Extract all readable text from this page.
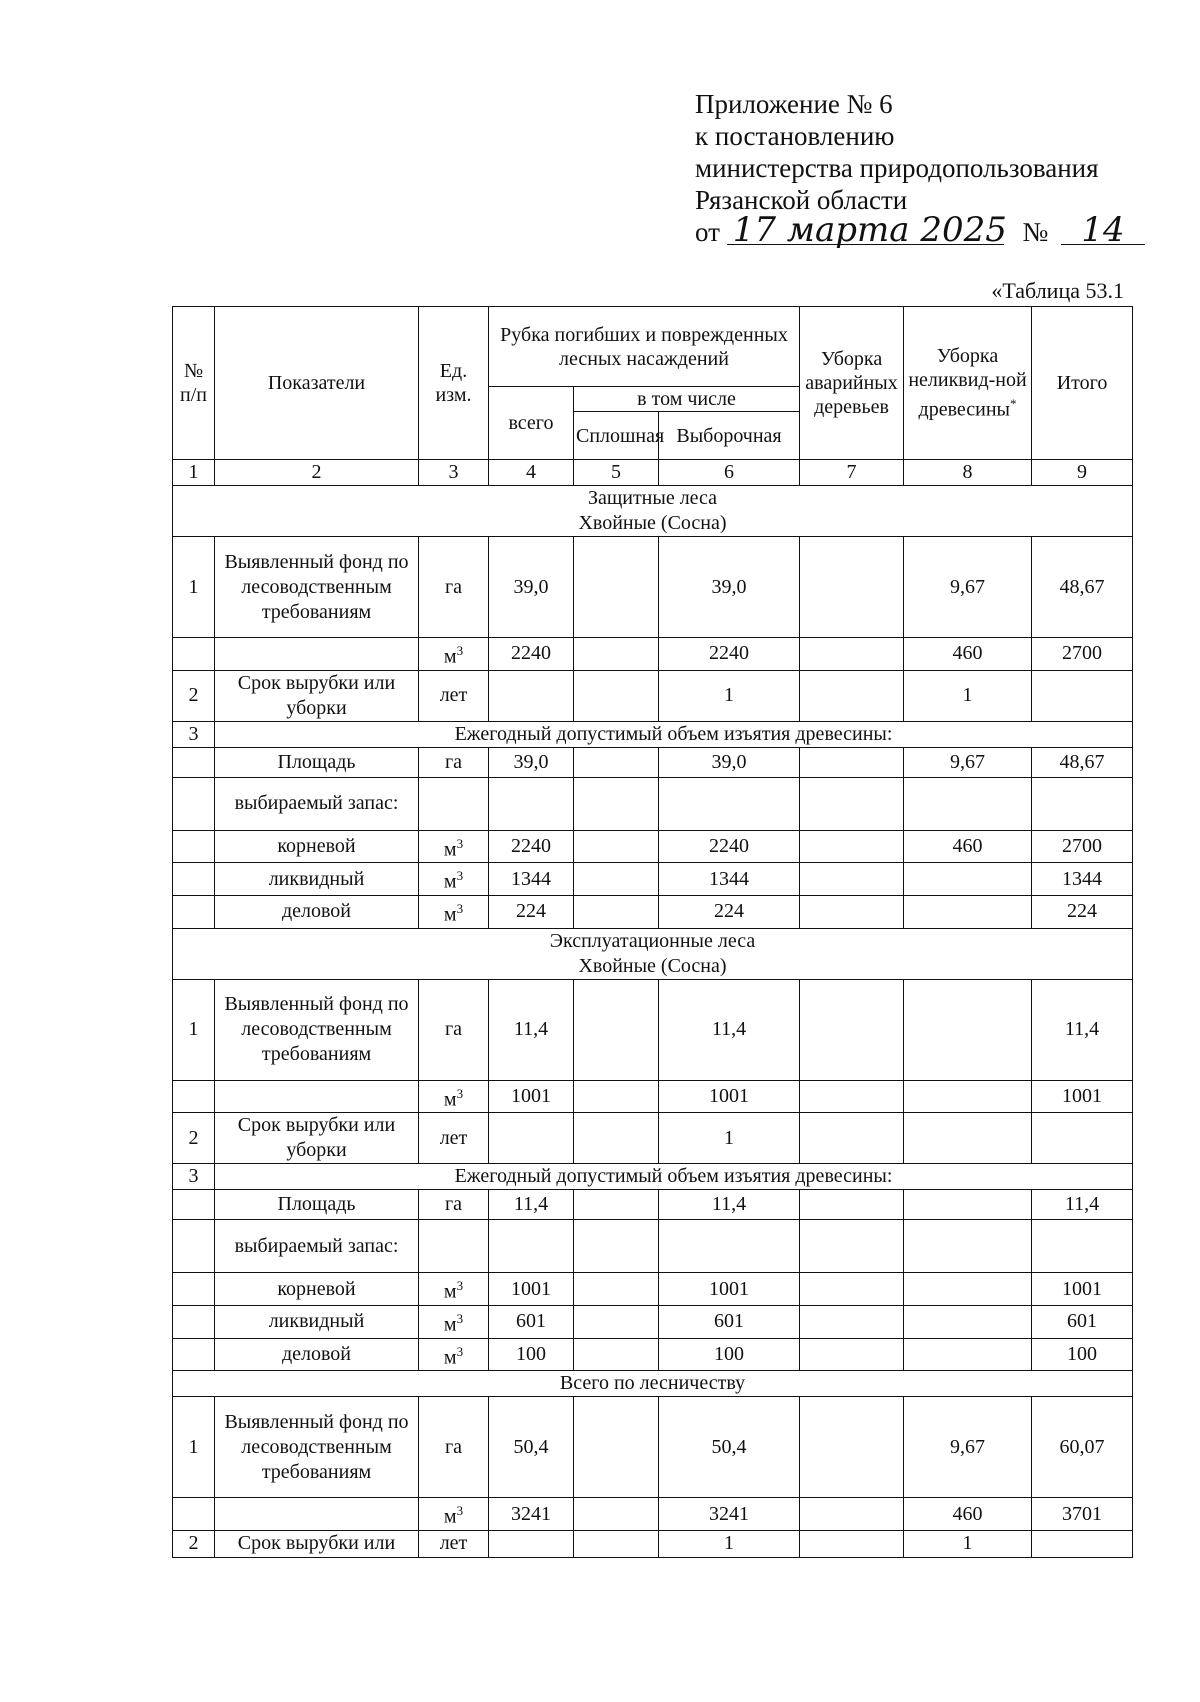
Приложение № 6
к постановлению
министерства природопользования
Рязанской области
от 17 марта 2025 № 14
«Таблица 53.1
№ п/п	Показатели	Ед. изм.	Рубка погибших и поврежденных лесных насаждений			Уборка аварийных деревьев	Уборка неликвид-ной древесины*	Итого
			всего	в том числе				
				Сплошная	Выборочная			
1	2	3	4	5	6	7	8	9

Защитные леса
Хвойные (Сосна)								

1	Выявленный фонд по лесоводственным требованиям	га	39,0		39,0		9,67	48,67
		$м^3$	2240		2240		460	2700
2	Срок вырубки или уборки	лет			1		1	
3	Ежегодный допустимый объем изъятия древесины:							
	Площадь	га	39,0		39,0		9,67	48,67
	выбираемый запас:							
	корневой	$м^3$	2240		2240		460	2700
	ликвидный	$м^3$	1344		1344			1344
	деловой	$м^3$	224		224			224

Эксплуатационные леса
Хвойные (Сосна)								

1	Выявленный фонд по лесоводственным требованиям	га	11,4		11,4			11,4
		$м^3$	1001		1001			1001
2	Срок вырубки или уборки	лет			1			
3	Ежегодный допустимый объем изъятия древесины:							
	Площадь	га	11,4		11,4			11,4
	выбираемый запас:							
	корневой	$м^3$	1001		1001			1001
	ликвидный	$м^3$	601		601			601
	деловой	$м^3$	100		100			100
Всего по лесничеству								
1	Выявленный фонд по лесоводственным требованиям	га	50,4		50,4		9,67	60,07
		$м^3$	3241		3241		460	3701
2	Срок вырубки или	лет			1		1	
